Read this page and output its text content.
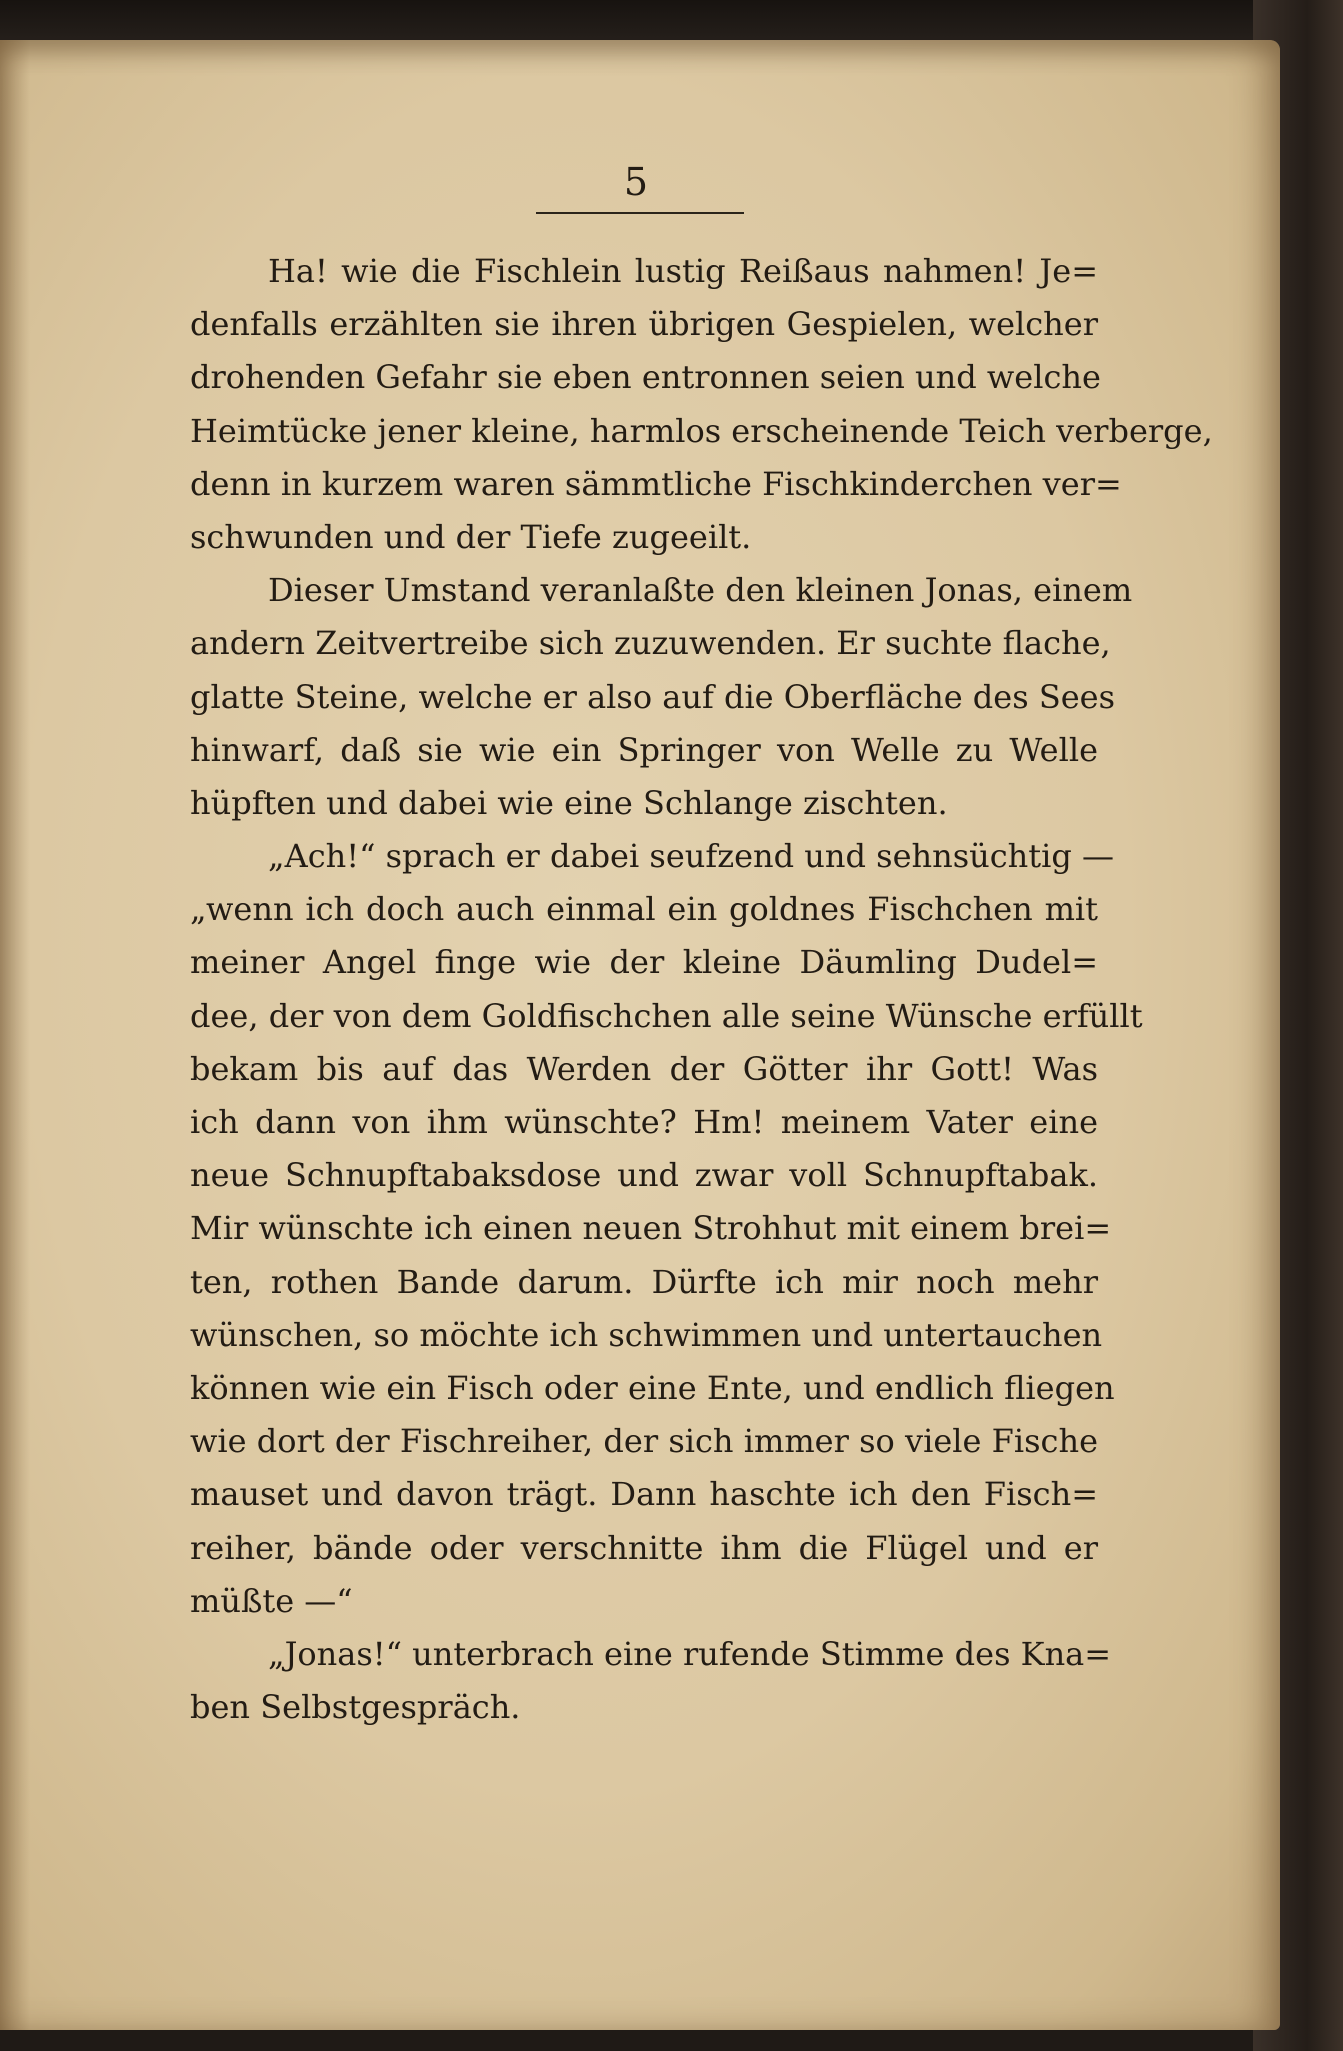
5
Ha! wie die Fischlein lustig Reißaus nahmen! Je=
denfalls erzählten sie ihren übrigen Gespielen, welcher
drohenden Gefahr sie eben entronnen seien und welche
Heimtücke jener kleine, harmlos erscheinende Teich verberge,
denn in kurzem waren sämmtliche Fischkinderchen ver=
schwunden und der Tiefe zugeeilt.
Dieser Umstand veranlaßte den kleinen Jonas, einem
andern Zeitvertreibe sich zuzuwenden. Er suchte flache,
glatte Steine, welche er also auf die Oberfläche des Sees
hinwarf, daß sie wie ein Springer von Welle zu Welle
hüpften und dabei wie eine Schlange zischten.
„Ach!“ sprach er dabei seufzend und sehnsüchtig —
„wenn ich doch auch einmal ein goldnes Fischchen mit
meiner Angel finge wie der kleine Däumling Dudel=
dee, der von dem Goldfischchen alle seine Wünsche erfüllt
bekam bis auf das Werden der Götter ihr Gott! Was
ich dann von ihm wünschte? Hm! meinem Vater eine
neue Schnupftabaksdose und zwar voll Schnupftabak.
Mir wünschte ich einen neuen Strohhut mit einem brei=
ten, rothen Bande darum. Dürfte ich mir noch mehr
wünschen, so möchte ich schwimmen und untertauchen
können wie ein Fisch oder eine Ente, und endlich fliegen
wie dort der Fischreiher, der sich immer so viele Fische
mauset und davon trägt. Dann haschte ich den Fisch=
reiher, bände oder verschnitte ihm die Flügel und er
müßte —“
„Jonas!“ unterbrach eine rufende Stimme des Kna=
ben Selbstgespräch.
